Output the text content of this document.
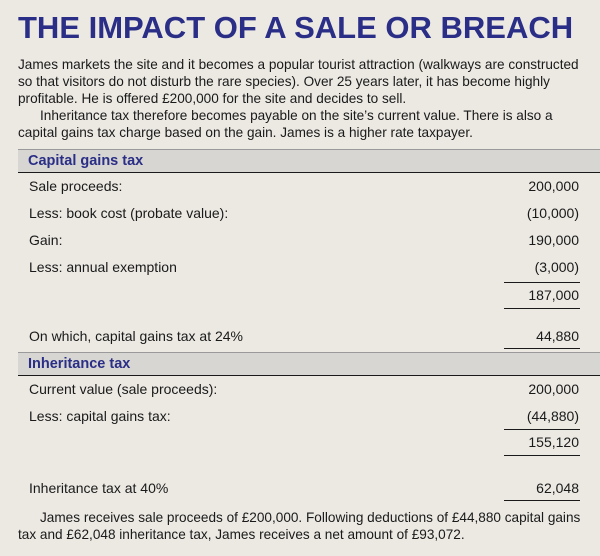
THE IMPACT OF A SALE OR BREACH

James markets the site and it becomes a popular tourist attraction (walkways are constructed so that visitors do not disturb the rare species). Over 25 years later, it has become highly profitable. He is offered £200,000 for the site and decides to sell.

Inheritance tax therefore becomes payable on the site’s current value. There is also a capital gains tax charge based on the gain. James is a higher rate taxpayer.

Capital gains tax
Sale proceeds:	200,000
Less: book cost (probate value):	(10,000)
Gain:	190,000
Less: annual exemption	(3,000)
187,000
On which, capital gains tax at 24%	44,880
Inheritance tax
Current value (sale proceeds):	200,000
Less: capital gains tax:	(44,880)
155,120
Inheritance tax at 40%	62,048

James receives sale proceeds of £200,000. Following deductions of £44,880 capital gains tax and £62,048 inheritance tax, James receives a net amount of £93,072.
